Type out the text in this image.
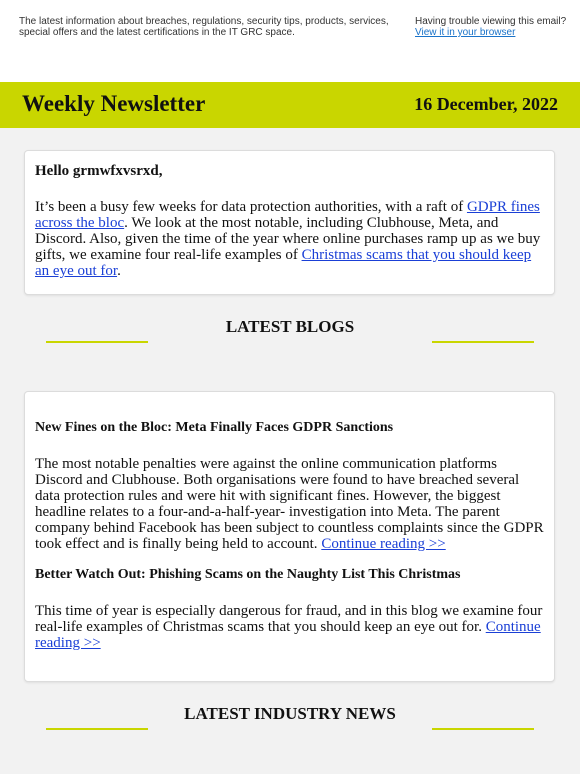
The latest information about breaches, regulations, security tips, products, services, special offers and the latest certifications in the IT GRC space.
Having trouble viewing this email?
View it in your browser
Weekly Newsletter	16 December, 2022

Hello grmwfxvsrxd,

It’s been a busy few weeks for data protection authorities, with a raft of GDPR fines across the bloc. We look at the most notable, including Clubhouse, Meta, and Discord. Also, given the time of the year where online purchases ramp up as we buy gifts, we examine four real-life examples of Christmas scams that you should keep an eye out for.

LATEST BLOGS

New Fines on the Bloc: Meta Finally Faces GDPR Sanctions

The most notable penalties were against the online communication platforms Discord and Clubhouse. Both organisations were found to have breached several data protection rules and were hit with significant fines. However, the biggest headline relates to a four-and-a-half-year- investigation into Meta. The parent company behind Facebook has been subject to countless complaints since the GDPR took effect and is finally being held to account. Continue reading >>

Better Watch Out: Phishing Scams on the Naughty List This Christmas

This time of year is especially dangerous for fraud, and in this blog we examine four real-life examples of Christmas scams that you should keep an eye out for. Continue reading >>

LATEST INDUSTRY NEWS
